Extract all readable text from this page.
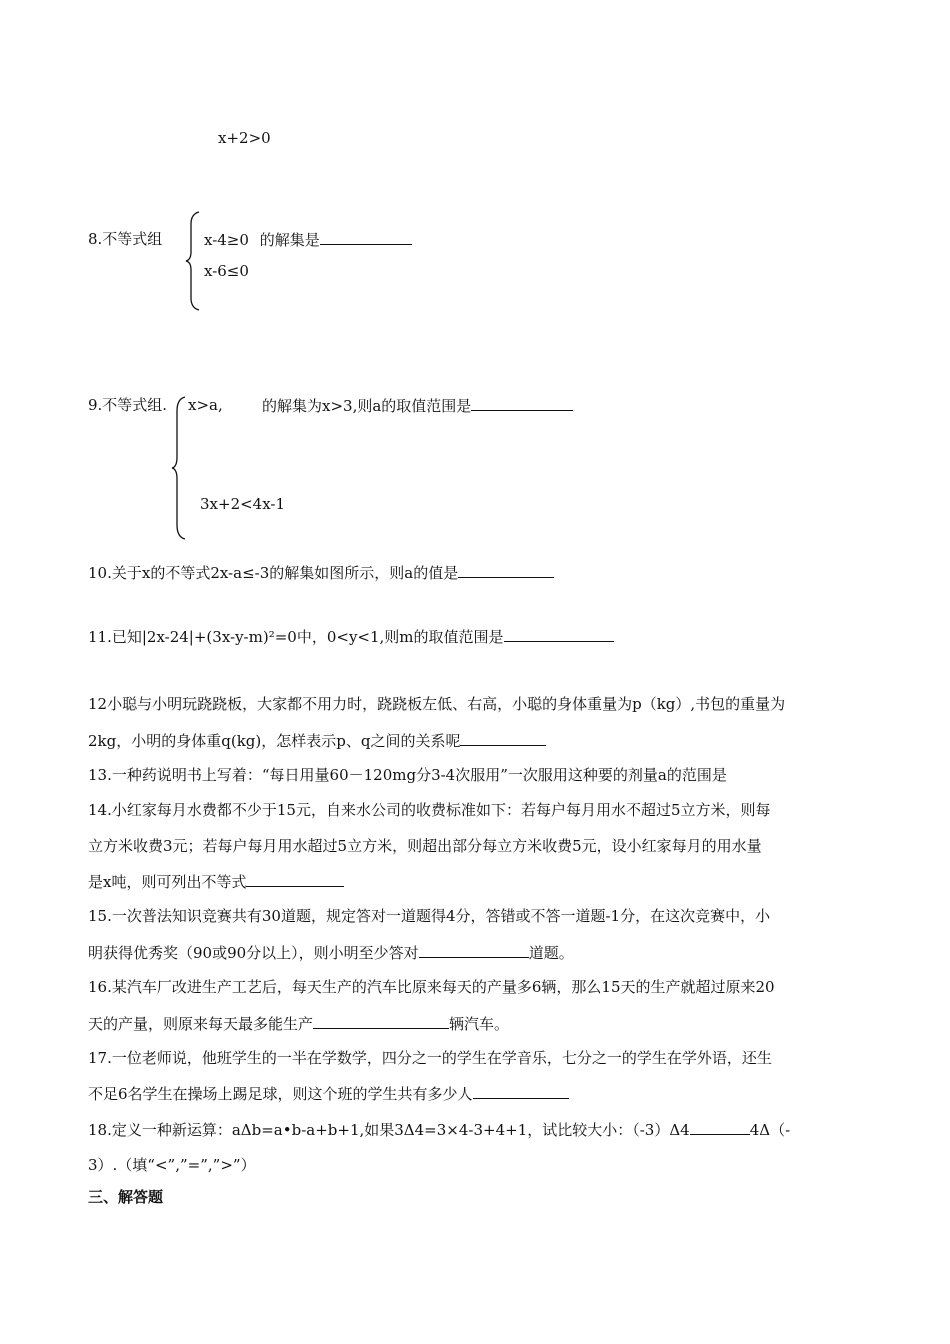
x+2>0
8.不等式组	x-4≥0 的解集是
x-6≤0
9.不等式组. x>a,	的解集为x>3,则a的取值范围是
3x+2<4x-1
10.关于x的不等式2x-a≤-3的解集如图所示，则a的值是
11.已知|2x-24|+(3x-y-m)²=0中，0<y<1,则m的取值范围是
12小聪与小明玩跷跷板，大家都不用力时，跷跷板左低、右高，小聪的身体重量为p（kg）,书包的重量为
2kg，小明的身体重q(kg)，怎样表示p、q之间的关系呢
13.一种药说明书上写着：“每日用量60－120mg分3-4次服用”一次服用这种要的剂量a的范围是
14.小红家每月水费都不少于15元，自来水公司的收费标准如下：若每户每月用水不超过5立方米，则每
立方米收费3元；若每户每月用水超过5立方米，则超出部分每立方米收费5元，设小红家每月的用水量
是x吨，则可列出不等式
15.一次普法知识竞赛共有30道题，规定答对一道题得4分，答错或不答一道题-1分，在这次竞赛中，小
明获得优秀奖（90或90分以上），则小明至少答对	道题。
16.某汽车厂改进生产工艺后，每天生产的汽车比原来每天的产量多6辆，那么15天的生产就超过原来20
天的产量，则原来每天最多能生产	辆汽车。
17.一位老师说，他班学生的一半在学数学，四分之一的学生在学音乐，七分之一的学生在学外语，还生
不足6名学生在操场上踢足球，则这个班的学生共有多少人
18.定义一种新运算：aΔb=a•b-a+b+1,如果3Δ4=3×4-3+4+1，试比较大小：（-3）Δ4	4Δ（-
3）.（填“<”,”=”,”>”）
三、解答题
